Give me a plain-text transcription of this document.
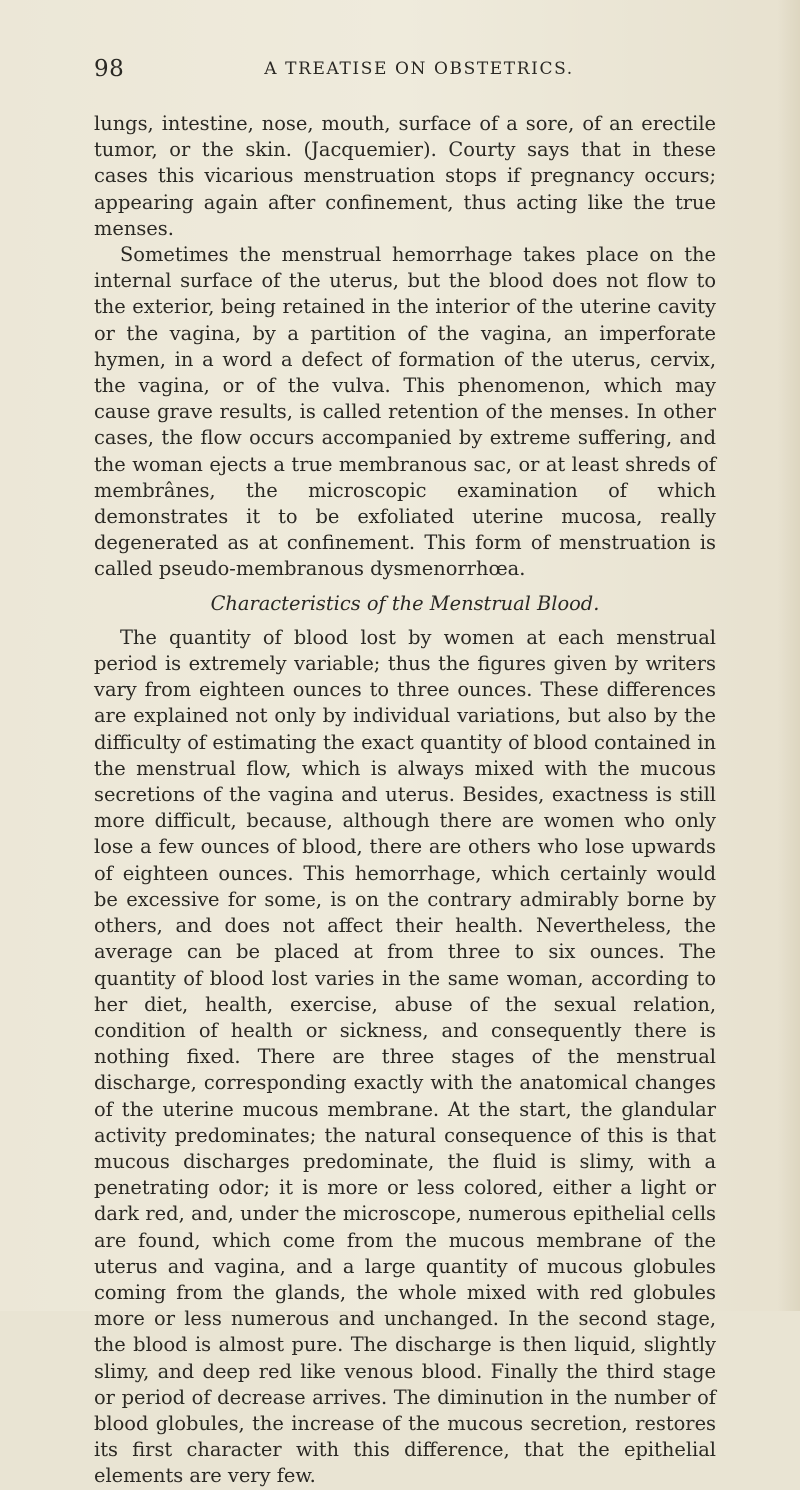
98	A TREATISE ON OBSTETRICS.

lungs, intestine, nose, mouth, surface of a sore, of an erectile tumor, or the skin. (Jacquemier). Courty says that in these cases this vicarious menstruation stops if pregnancy occurs; appearing again after confinement, thus acting like the true menses.

Sometimes the menstrual hemorrhage takes place on the internal surface of the uterus, but the blood does not flow to the exterior, being retained in the interior of the uterine cavity or the vagina, by a partition of the vagina, an imperforate hymen, in a word a defect of formation of the uterus, cervix, the vagina, or of the vulva. This phenomenon, which may cause grave results, is called retention of the menses. In other cases, the flow occurs accompanied by extreme suffering, and the woman ejects a true membranous sac, or at least shreds of membrânes, the microscopic examination of which demonstrates it to be exfoliated uterine mucosa, really degenerated as at confinement. This form of menstruation is called pseudo-membranous dysmenorrhœa.

Characteristics of the Menstrual Blood.

The quantity of blood lost by women at each menstrual period is extremely variable; thus the figures given by writers vary from eighteen ounces to three ounces. These differences are explained not only by individual variations, but also by the difficulty of estimating the exact quantity of blood contained in the menstrual flow, which is always mixed with the mucous secretions of the vagina and uterus. Besides, exactness is still more difficult, because, although there are women who only lose a few ounces of blood, there are others who lose upwards of eighteen ounces. This hemorrhage, which certainly would be excessive for some, is on the contrary admirably borne by others, and does not affect their health. Nevertheless, the average can be placed at from three to six ounces. The quantity of blood lost varies in the same woman, according to her diet, health, exercise, abuse of the sexual relation, condition of health or sickness, and consequently there is nothing fixed. There are three stages of the menstrual discharge, corresponding exactly with the anatomical changes of the uterine mucous membrane. At the start, the glandular activity predominates; the natural consequence of this is that mucous discharges predominate, the fluid is slimy, with a penetrating odor; it is more or less colored, either a light or dark red, and, under the microscope, numerous epithelial cells are found, which come from the mucous membrane of the uterus and vagina, and a large quantity of mucous globules coming from the glands, the whole mixed with red globules more or less numerous and unchanged. In the second stage, the blood is almost pure. The discharge is then liquid, slightly slimy, and deep red like venous blood. Finally the third stage or period of decrease arrives. The diminution in the number of blood globules, the increase of the mucous secretion, restores its first character with this difference, that the epithelial elements are very few.
